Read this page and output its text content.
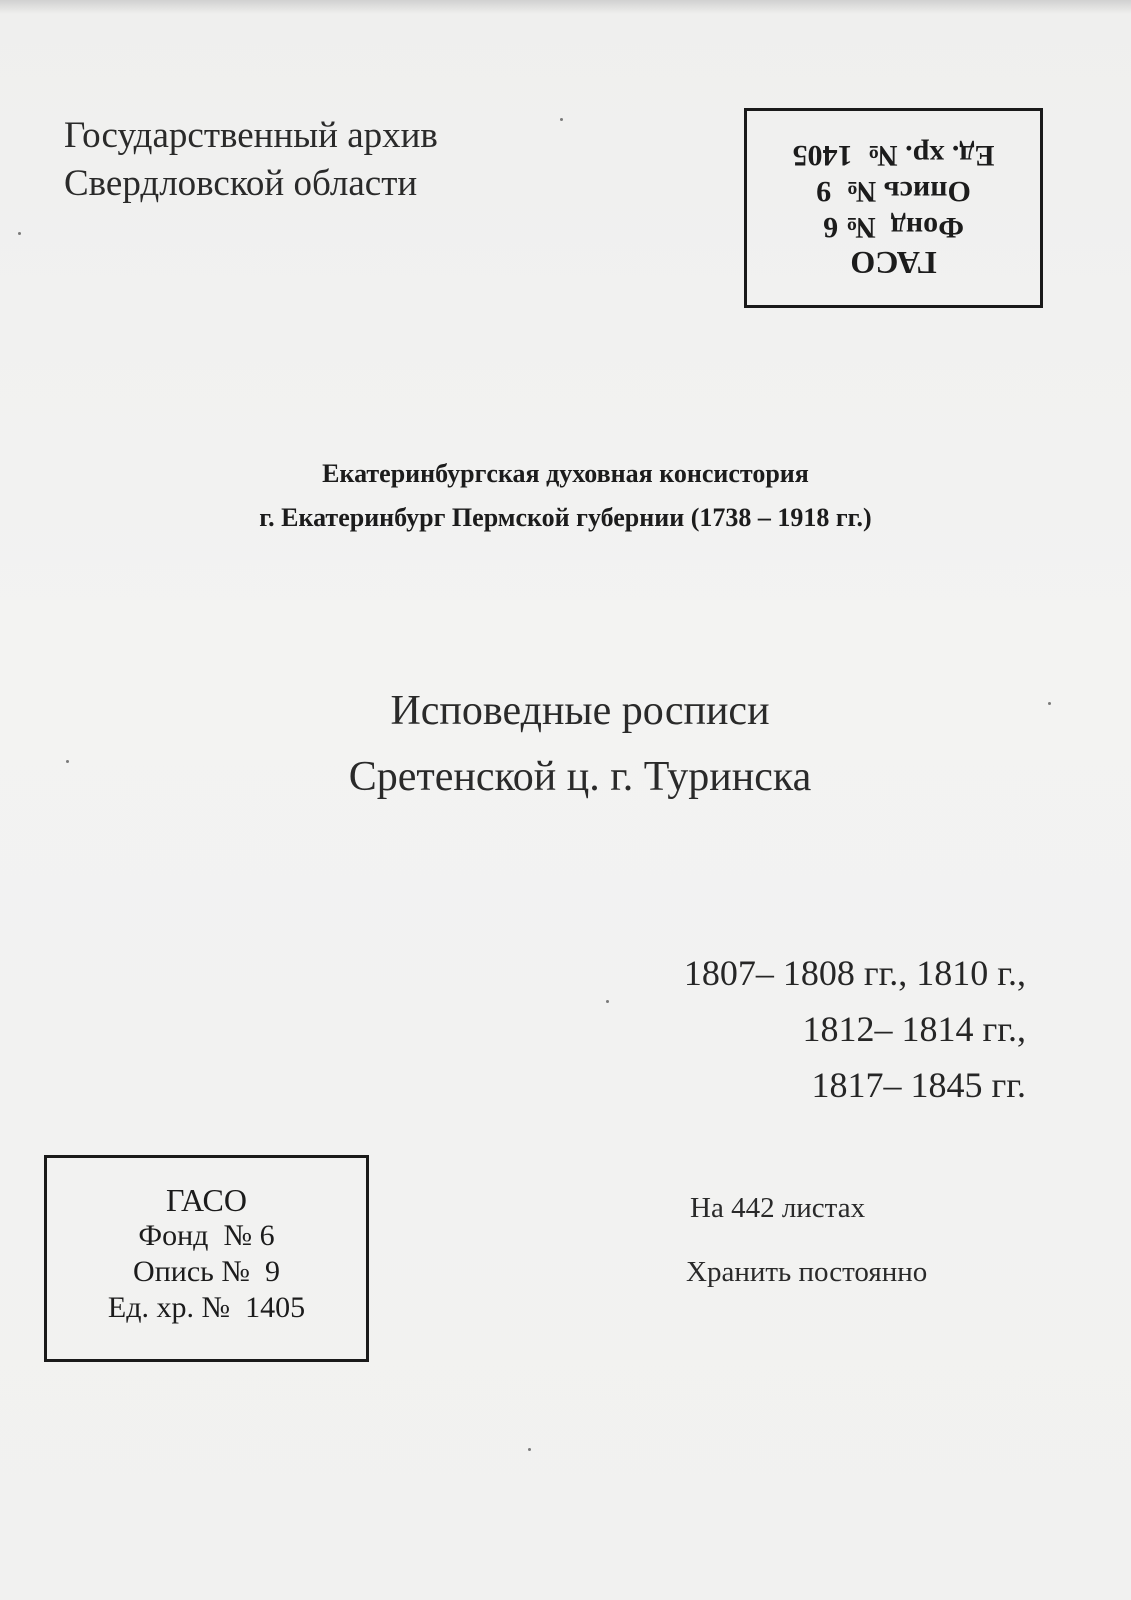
Государственный архив
Свердловской области
ГАСО
Фонд  № 6
Опись №  9
Ед. хр. №  1405
Екатеринбургская духовная консистория
г. Екатеринбург Пермской губернии (1738 – 1918 гг.)
Исповедные росписи
Сретенской ц. г. Туринска
1807– 1808 гг., 1810 г.,
1812– 1814 гг.,
1817– 1845 гг.
ГАСО
Фонд  № 6
Опись №  9
Ед. хр. №  1405
На 442 листах
Хранить постоянно
